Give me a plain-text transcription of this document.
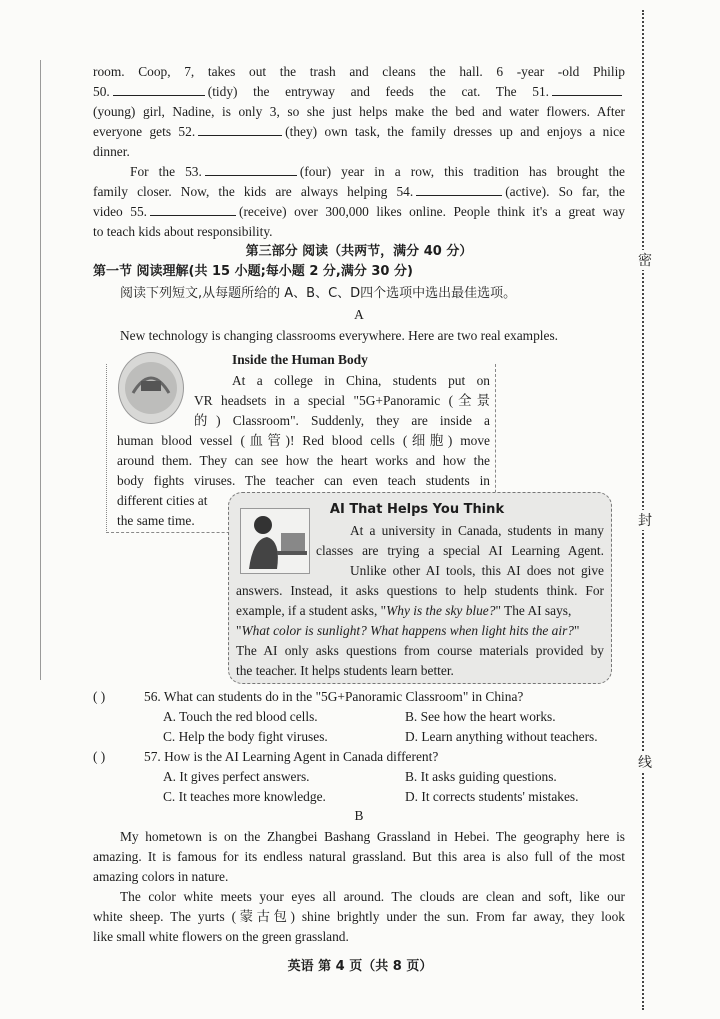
密
封
线
room. Coop, 7, takes out the trash and cleans the hall. 6 -year -old Philip
50.	(tidy) the entryway and feeds the cat. The 51.
(young) girl, Nadine, is only 3, so she just helps make the bed and water flowers. After
everyone gets 52.	(they) own task, the family dresses up and enjoys a nice
dinner.
For the 53.	(four) year in a row, this tradition has brought the
family closer. Now, the kids are always helping 54.	(active). So far, the
video 55.	(receive) over 300,000 likes online. People think it's a great way
to teach kids about responsibility.
第三部分 阅读（共两节，满分 40 分）
第一节 阅读理解(共 15 小题;每小题 2 分,满分 30 分)
阅读下列短文,从每题所给的 A、B、C、D四个选项中选出最佳选项。
A
New technology is changing classrooms everywhere. Here are two real examples.
Inside the Human Body
At a college in China, students put on
VR headsets in a special "5G+Panoramic (全景
的) Classroom". Suddenly, they are inside a
human blood vessel (血管)! Red blood cells (细胞) move
around them. They can see how the heart works and how the
body fights viruses. The teacher can even teach students in
different cities at
the same time.
AI That Helps You Think
At a university in Canada, students in many
classes are trying a special AI Learning Agent.
Unlike other AI tools, this AI does not give
answers. Instead, it asks questions to help students think. For
example, if a student asks, "Why is the sky blue?" The AI says,
"What color is sunlight? What happens when light hits the air?"
The AI only asks questions from course materials provided by
the teacher. It helps students learn better.
( )	56. What can students do in the "5G+Panoramic Classroom" in China?
A. Touch the red blood cells.	B. See how the heart works.
C. Help the body fight viruses.	D. Learn anything without teachers.
( )	57. How is the AI Learning Agent in Canada different?
A. It gives perfect answers.	B. It asks guiding questions.
C. It teaches more knowledge.	D. It corrects students' mistakes.
B
My hometown is on the Zhangbei Bashang Grassland in Hebei. The geography here is
amazing. It is famous for its endless natural grassland. But this area is also full of the most
amazing colors in nature.
The color white meets your eyes all around. The clouds are clean and soft, like our
white sheep. The yurts (蒙古包) shine brightly under the sun. From far away, they look
like small white flowers on the green grassland.
英语 第 4 页（共 8 页）
